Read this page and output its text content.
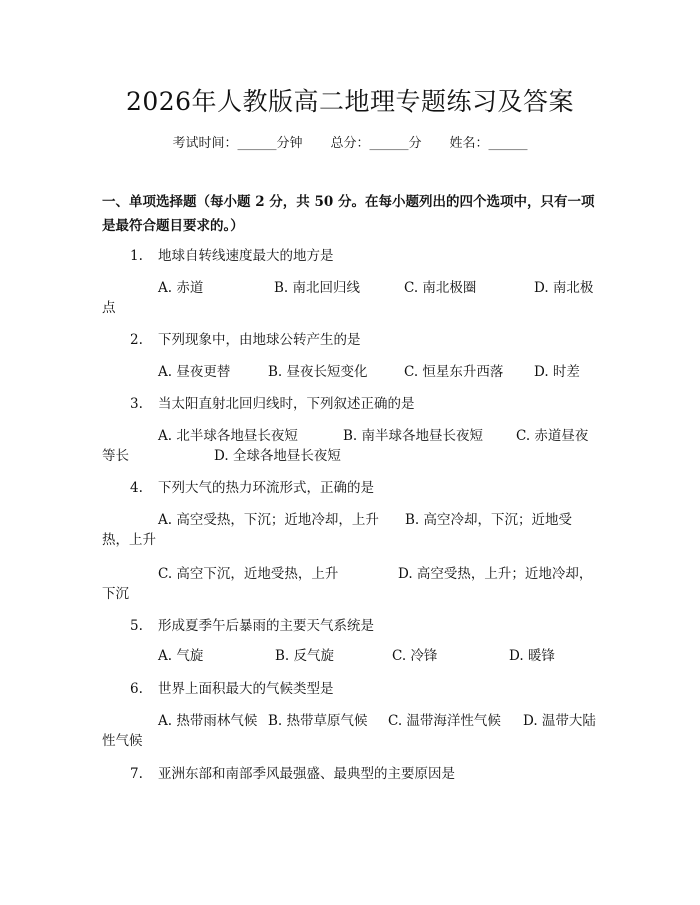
2026年人教版高二地理专题练习及答案
考试时间：______分钟 总分：______分 姓名：______
一、单项选择题（每小题 2 分，共 50 分。在每小题列出的四个选项中，只有一项
是最符合题目要求的。）
1. 地球自转线速度最大的地方是
A. 赤道	B. 南北回归线	C. 南北极圈	D. 南北极
点
2. 下列现象中，由地球公转产生的是
A. 昼夜更替	B. 昼夜长短变化	C. 恒星东升西落 D. 时差
3. 当太阳直射北回归线时，下列叙述正确的是
A. 北半球各地昼长夜短	B. 南半球各地昼长夜短 C. 赤道昼夜
等长	D. 全球各地昼长夜短
4. 下列大气的热力环流形式，正确的是
A. 高空受热，下沉；近地冷却，上升 B. 高空冷却，下沉；近地受
热，上升
C. 高空下沉，近地受热，上升	D. 高空受热，上升；近地冷却，
下沉
5. 形成夏季午后暴雨的主要天气系统是
A. 气旋	B. 反气旋	C. 冷锋	D. 暖锋
6. 世界上面积最大的气候类型是
A. 热带雨林气候 B. 热带草原气候 C. 温带海洋性气候 D. 温带大陆
性气候
7. 亚洲东部和南部季风最强盛、最典型的主要原因是
